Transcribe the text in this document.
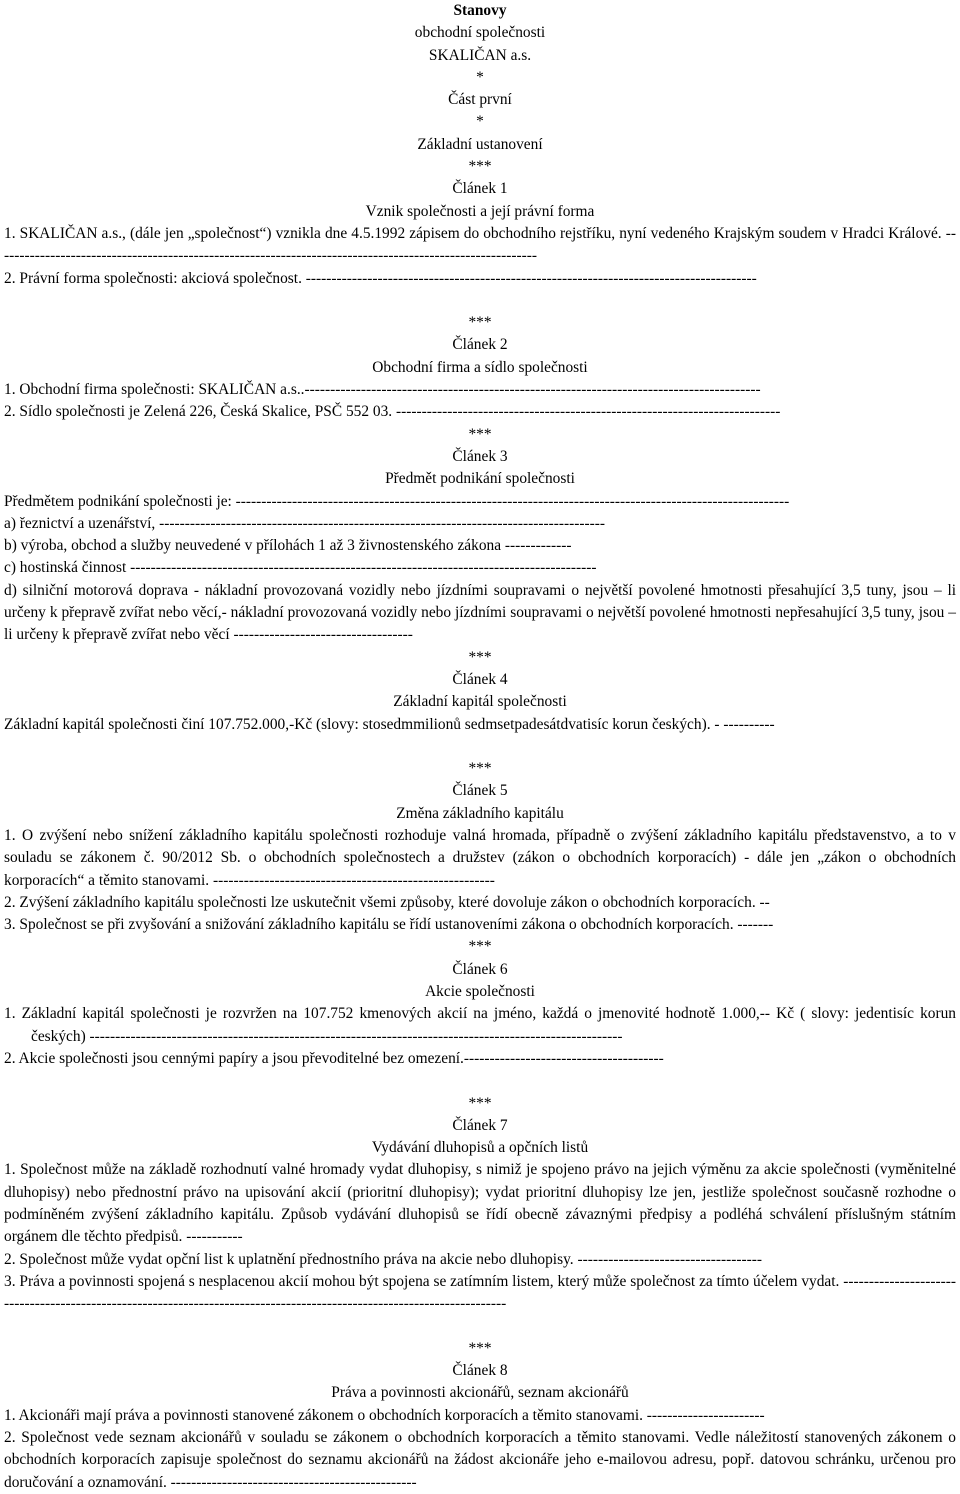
Stanovy
obchodní společnosti
SKALIČAN a.s.
*
Část první
*
Základní ustanovení
***
Článek 1
Vznik společnosti a její právní forma

1. SKALIČAN a.s., (dále jen „společnost“) vznikla dne 4.5.1992 zápisem do obchodního rejstříku, nyní vedeného Krajským soudem v Hradci Králové. ----------------------------------------------------------------------------------------------------------

2. Právní forma společnosti: akciová společnost. ----------------------------------------------------------------------------------------

***
Článek 2
Obchodní firma a sídlo společnosti

1. Obchodní firma společnosti: SKALIČAN a.s..-----------------------------------------------------------------------------------------

2. Sídlo společnosti je Zelená 226, Česká Skalice, PSČ 552 03. ---------------------------------------------------------------------------

***
Článek 3
Předmět podnikání společnosti

Předmětem podnikání společnosti je: ------------------------------------------------------------------------------------------------------------

a) řeznictví a uzenářství, ---------------------------------------------------------------------------------------

b) výroba, obchod a služby neuvedené v přílohách 1 až 3 živnostenského zákona -------------

c) hostinská činnost -------------------------------------------------------------------------------------------

d) silniční motorová doprava - nákladní provozovaná vozidly nebo jízdními soupravami o největší povolené hmotnosti přesahující 3,5 tuny, jsou – li určeny k přepravě zvířat nebo věcí,- nákladní provozovaná vozidly nebo jízdními soupravami o největší povolené hmotnosti nepřesahující 3,5 tuny, jsou – li určeny k přepravě zvířat nebo věcí -----------------------------------

***
Článek 4
Základní kapitál společnosti

Základní kapitál společnosti činí 107.752.000,-Kč (slovy: stosedmmilionů sedmsetpadesátdvatisíc korun českých). - ----------

***
Článek 5
Změna základního kapitálu

1. O zvýšení nebo snížení základního kapitálu společnosti rozhoduje valná hromada, případně o zvýšení základního kapitálu představenstvo, a to v souladu se zákonem č. 90/2012 Sb. o obchodních společnostech a družstev (zákon o obchodních korporacích) - dále jen „zákon o obchodních korporacích“ a těmito stanovami. -------------------------------------------------------

2. Zvýšení základního kapitálu společnosti lze uskutečnit všemi způsoby, které dovoluje zákon o obchodních korporacích. --

3. Společnost se při zvyšování a snižování základního kapitálu se řídí ustanoveními zákona o obchodních korporacích. -------

***
Článek 6
Akcie společnosti

1. Základní kapitál společnosti je rozvržen na 107.752 kmenových akcií na jméno, každá o jmenovité hodnotě 1.000,-- Kč ( slovy: jedentisíc korun českých) --------------------------------------------------------------------------------------------------------

2. Akcie společnosti jsou cennými papíry a jsou převoditelné bez omezení.---------------------------------------

***
Článek 7
Vydávání dluhopisů a opčních listů

1. Společnost může na základě rozhodnutí valné hromady vydat dluhopisy, s nimiž je spojeno právo na jejich výměnu za akcie společnosti (vyměnitelné dluhopisy) nebo přednostní právo na upisování akcií (prioritní dluhopisy); vydat prioritní dluhopisy lze jen, jestliže společnost současně rozhodne o podmíněném zvýšení základního kapitálu. Způsob vydávání dluhopisů se řídí obecně závaznými předpisy a podléhá schválení příslušným státním orgánem dle těchto předpisů. -----------

2. Společnost může vydat opční list k uplatnění přednostního práva na akcie nebo dluhopisy. ------------------------------------

3. Práva a povinnosti spojená s nesplacenou akcií mohou být spojena se zatímním listem, který může společnost za tímto účelem vydat. ------------------------------------------------------------------------------------------------------------------------

***
Článek 8
Práva a povinnosti akcionářů, seznam akcionářů

1. Akcionáři mají práva a povinnosti stanovené zákonem o obchodních korporacích a těmito stanovami. -----------------------

2. Společnost vede seznam akcionářů v souladu se zákonem o obchodních korporacích a těmito stanovami. Vedle náležitostí stanovených zákonem o obchodních korporacích zapisuje společnost do seznamu akcionářů na žádost akcionáře jeho e-mailovou adresu, popř. datovou schránku, určenou pro doručování a oznamování. ------------------------------------------------
